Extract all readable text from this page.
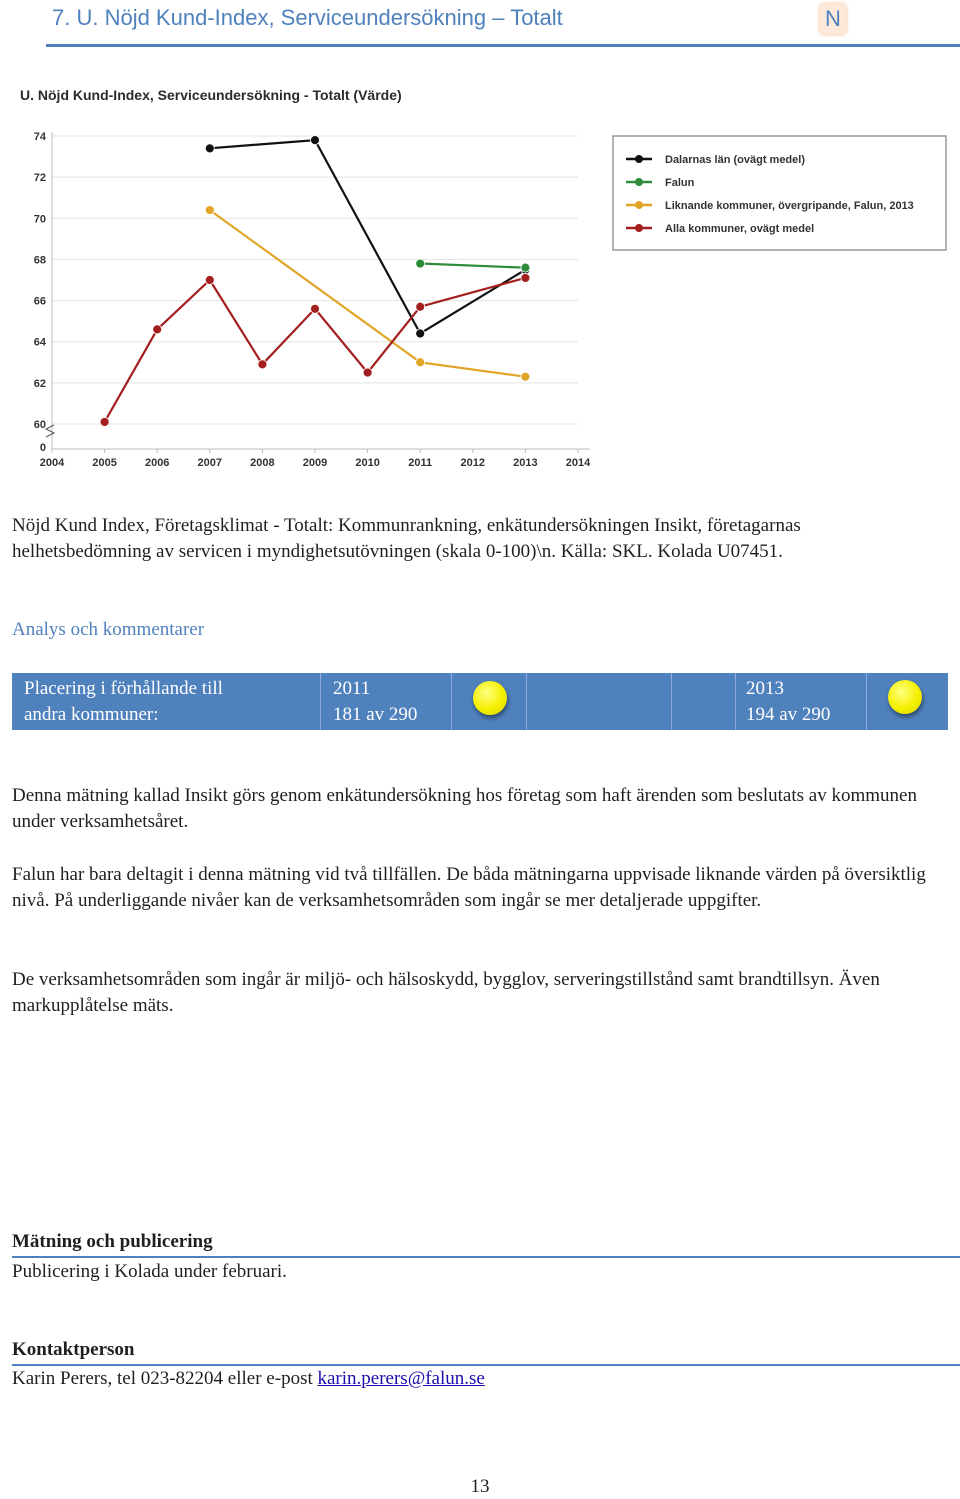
7. U. Nöjd Kund-Index, Serviceundersökning – Totalt	N
U. Nöjd Kund-Index, Serviceundersökning - Totalt (Värde)
0
60
62
64
66
68
70
72
74
2004	2005	2006	2007	2008	2009	2010	2011	2012	2013	2014
Dalarnas län (ovägt medel)
Falun
Liknande kommuner, övergripande, Falun, 2013
Alla kommuner, ovägt medel
Nöjd Kund Index, Företagsklimat - Totalt: Kommunrankning, enkätundersökningen Insikt, företagarnas helhetsbedömning av servicen i myndighetsutövningen (skala 0-100)\n. Källa: SKL. Kolada U07451.
Analys och kommentarer
Placering i förhållande till
andra kommuner:
2011
181 av 290
2013
194 av 290
Denna mätning kallad Insikt görs genom enkätundersökning hos företag som haft ärenden som beslutats av kommunen under verksamhetsåret.
Falun har bara deltagit i denna mätning vid två tillfällen. De båda mätningarna uppvisade liknande värden på översiktlig nivå. På underliggande nivåer kan de verksamhetsområden som ingår se mer detaljerade uppgifter.
De verksamhetsområden som ingår är miljö- och hälsoskydd, bygglov, serveringstillstånd samt brandtillsyn. Även markupplåtelse mäts.
Mätning och publicering
Publicering i Kolada under februari.
Kontaktperson
Karin Perers, tel 023-82204 eller e-post karin.perers@falun.se
13
